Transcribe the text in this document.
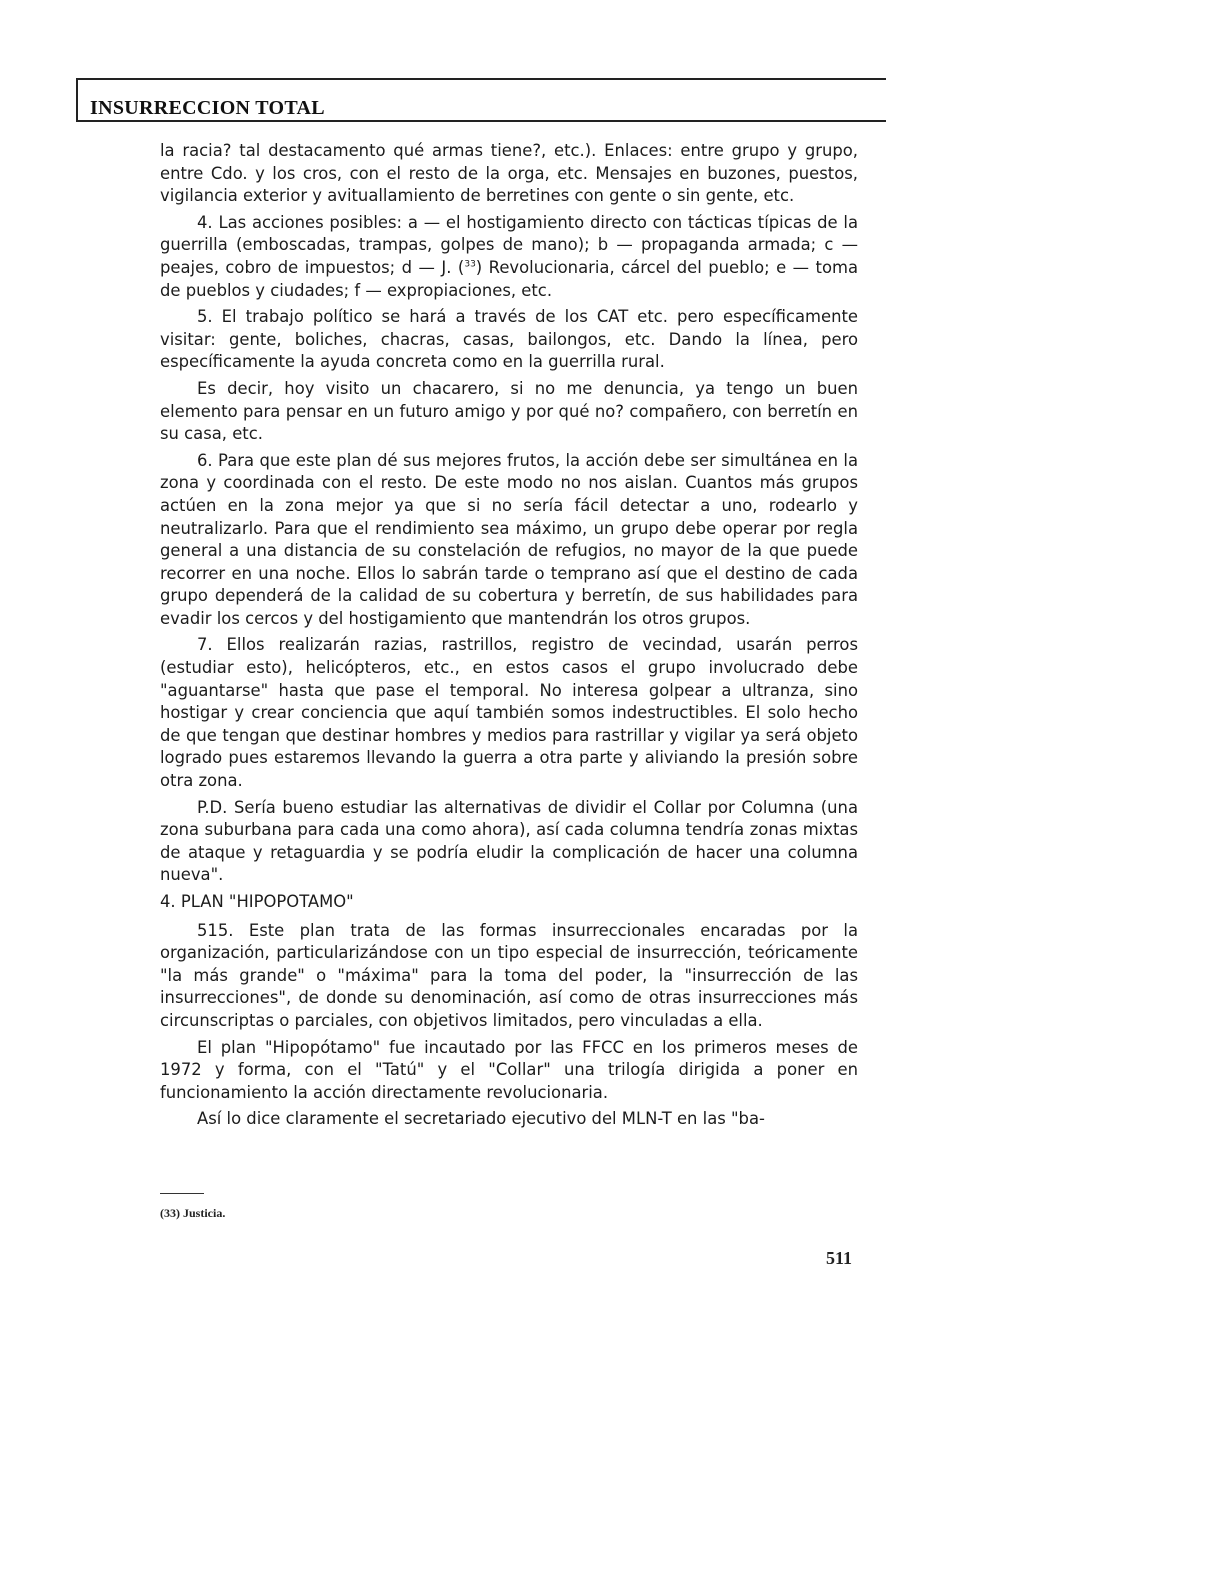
INSURRECCION TOTAL

la racia? tal destacamento qué armas tiene?, etc.). Enlaces: entre grupo y grupo, entre Cdo. y los cros, con el resto de la orga, etc. Mensajes en buzones, puestos, vigilancia exterior y avituallamiento de berretines con gente o sin gente, etc.

4. Las acciones posibles: a — el hostigamiento directo con tácticas típicas de la guerrilla (emboscadas, trampas, golpes de mano); b — propaganda armada; c — peajes, cobro de impuestos; d — J. ($^{33}$) Revolucionaria, cárcel del pueblo; e — toma de pueblos y ciudades; f — expropiaciones, etc.

5. El trabajo político se hará a través de los CAT etc. pero específicamente visitar: gente, boliches, chacras, casas, bailongos, etc. Dando la línea, pero específicamente la ayuda concreta como en la guerrilla rural.

Es decir, hoy visito un chacarero, si no me denuncia, ya tengo un buen elemento para pensar en un futuro amigo y por qué no? compañero, con berretín en su casa, etc.

6. Para que este plan dé sus mejores frutos, la acción debe ser simultánea en la zona y coordinada con el resto. De este modo no nos aislan. Cuantos más grupos actúen en la zona mejor ya que si no sería fácil detectar a uno, rodearlo y neutralizarlo. Para que el rendimiento sea máximo, un grupo debe operar por regla general a una distancia de su constelación de refugios, no mayor de la que puede recorrer en una noche. Ellos lo sabrán tarde o temprano así que el destino de cada grupo dependerá de la calidad de su cobertura y berretín, de sus habilidades para evadir los cercos y del hostigamiento que mantendrán los otros grupos.

7. Ellos realizarán razias, rastrillos, registro de vecindad, usarán perros (estudiar esto), helicópteros, etc., en estos casos el grupo involucrado debe "aguantarse" hasta que pase el temporal. No interesa golpear a ultranza, sino hostigar y crear conciencia que aquí también somos indestructibles. El solo hecho de que tengan que destinar hombres y medios para rastrillar y vigilar ya será objeto logrado pues estaremos llevando la guerra a otra parte y aliviando la presión sobre otra zona.

P.D. Sería bueno estudiar las alternativas de dividir el Collar por Columna (una zona suburbana para cada una como ahora), así cada columna tendría zonas mixtas de ataque y retaguardia y se podría eludir la complicación de hacer una columna nueva".

4. PLAN "HIPOPOTAMO"

515. Este plan trata de las formas insurreccionales encaradas por la organización, particularizándose con un tipo especial de insurrección, teóricamente "la más grande" o "máxima" para la toma del poder, la "insurrección de las insurrecciones", de donde su denominación, así como de otras insurrecciones más circunscriptas o parciales, con objetivos limitados, pero vinculadas a ella.

El plan "Hipopótamo" fue incautado por las FFCC en los primeros meses de 1972 y forma, con el "Tatú" y el "Collar" una trilogía dirigida a poner en funcionamiento la acción directamente revolucionaria.

Así lo dice claramente el secretariado ejecutivo del MLN-T en las "ba-

(33) Justicia.
511
